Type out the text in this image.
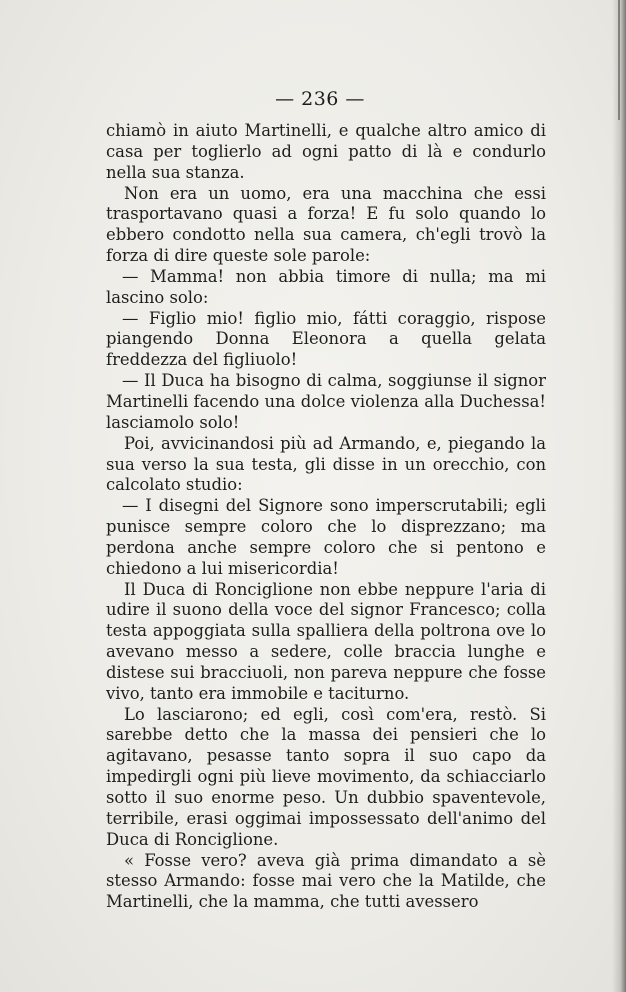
— 236 —

chiamò in aiuto Martinelli, e qualche altro amico di casa per toglierlo ad ogni patto di là e condurlo nella sua stanza.

Non era un uomo, era una macchina che essi trasportavano quasi a forza! E fu solo quando lo ebbero condotto nella sua camera, ch'egli trovò la forza di dire queste sole parole:

— Mamma! non abbia timore di nulla; ma mi lascino solo:

— Figlio mio! figlio mio, fátti coraggio, rispose piangendo Donna Eleonora a quella gelata freddezza del figliuolo!

— Il Duca ha bisogno di calma, soggiunse il signor Martinelli facendo una dolce violenza alla Duchessa! lasciamolo solo!

Poi, avvicinandosi più ad Armando, e, piegando la sua verso la sua testa, gli disse in un orecchio, con calcolato studio:

— I disegni del Signore sono imperscrutabili; egli punisce sempre coloro che lo disprezzano; ma perdona anche sempre coloro che si pentono e chiedono a lui misericordia!

Il Duca di Ronciglione non ebbe neppure l'aria di udire il suono della voce del signor Francesco; colla testa appoggiata sulla spalliera della poltrona ove lo avevano messo a sedere, colle braccia lunghe e distese sui bracciuoli, non pareva neppure che fosse vivo, tanto era immobile e taciturno.

Lo lasciarono; ed egli, così com'era, restò. Si sarebbe detto che la massa dei pensieri che lo agitavano, pesasse tanto sopra il suo capo da impedirgli ogni più lieve movimento, da schiacciarlo sotto il suo enorme peso. Un dubbio spaventevole, terribile, erasi oggimai impossessato dell'animo del Duca di Ronciglione.

« Fosse vero? aveva già prima dimandato a sè stesso Armando: fosse mai vero che la Matilde, che Martinelli, che la mamma, che tutti avessero
